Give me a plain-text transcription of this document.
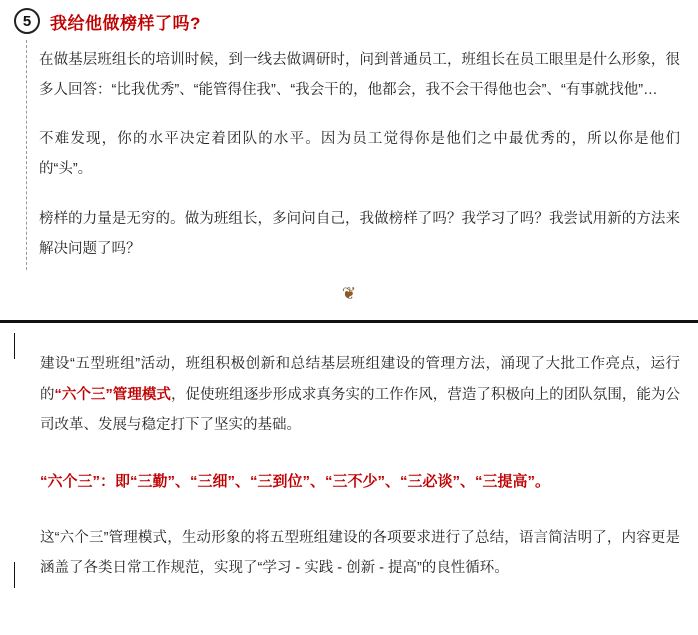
5	我给他做榜样了吗?

在做基层班组长的培训时候，到一线去做调研时，问到普通员工，班组长在员工眼里是什么形象，很多人回答：“比我优秀”、“能管得住我”、“我会干的，他都会，我不会干得他也会”、“有事就找他”…

不难发现，你的水平决定着团队的水平。因为员工觉得你是他们之中最优秀的，所以你是他们的“头”。

榜样的力量是无穷的。做为班组长，多问问自己，我做榜样了吗？我学习了吗？我尝试用新的方法来解决问题了吗？

❦

建设“五型班组”活动，班组积极创新和总结基层班组建设的管理方法，涌现了大批工作亮点，运行的“六个三”管理模式，促使班组逐步形成求真务实的工作作风，营造了积极向上的团队氛围，能为公司改革、发展与稳定打下了坚实的基础。

“六个三”：即“三勤”、“三细”、“三到位”、“三不少”、“三必谈”、“三提高”。

这“六个三”管理模式，生动形象的将五型班组建设的各项要求进行了总结，语言简洁明了，内容更是涵盖了各类日常工作规范，实现了“学习 - 实践 - 创新 - 提高”的良性循环。
